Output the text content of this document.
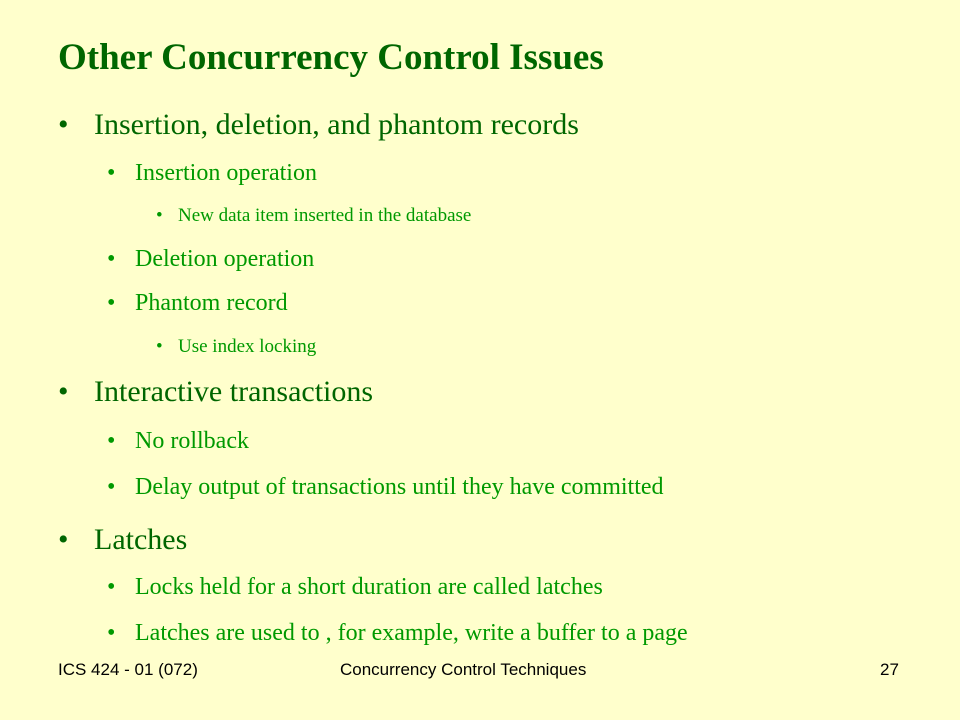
Other Concurrency Control Issues
• Insertion, deletion, and phantom records
• Insertion operation
• New data item inserted in the database
• Deletion operation
• Phantom record
• Use index locking
• Interactive transactions
• No rollback
• Delay output of transactions until they have committed
• Latches
• Locks held for a short duration are called latches
• Latches are used to , for example, write a buffer to a page
ICS 424 - 01 (072)	Concurrency Control Techniques	27
